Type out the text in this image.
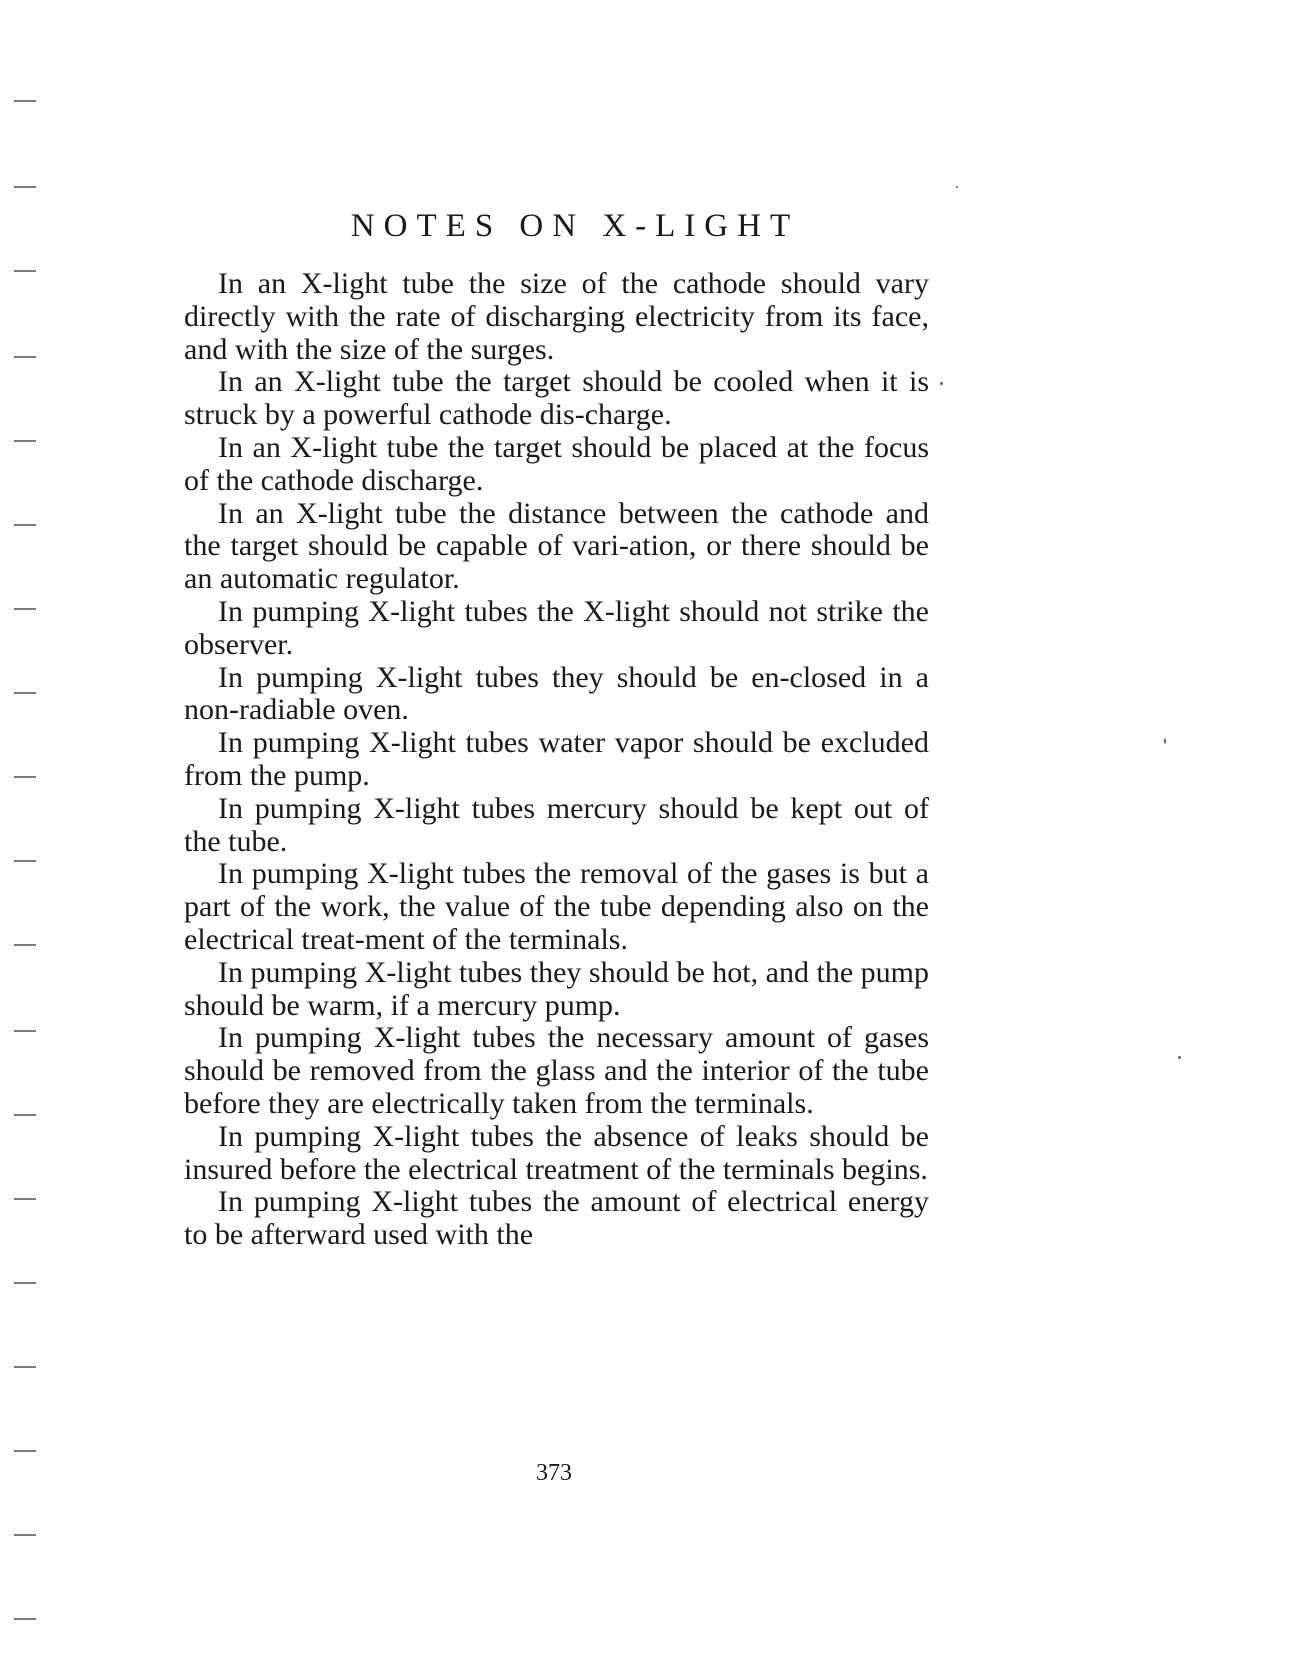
NOTES ON X-LIGHT

In an X-light tube the size of the cathode should vary directly with the rate of discharging electricity from its face, and with the size of the surges.

In an X-light tube the target should be cooled when it is struck by a powerful cathode dis-charge.

In an X-light tube the target should be placed at the focus of the cathode discharge.

In an X-light tube the distance between the cathode and the target should be capable of vari-ation, or there should be an automatic regulator.

In pumping X-light tubes the X-light should not strike the observer.

In pumping X-light tubes they should be en-closed in a non-radiable oven.

In pumping X-light tubes water vapor should be excluded from the pump.

In pumping X-light tubes mercury should be kept out of the tube.

In pumping X-light tubes the removal of the gases is but a part of the work, the value of the tube depending also on the electrical treat-ment of the terminals.

In pumping X-light tubes they should be hot, and the pump should be warm, if a mercury pump.

In pumping X-light tubes the necessary amount of gases should be removed from the glass and the interior of the tube before they are electrically taken from the terminals.

In pumping X-light tubes the absence of leaks should be insured before the electrical treatment of the terminals begins.

In pumping X-light tubes the amount of electrical energy to be afterward used with the

373
